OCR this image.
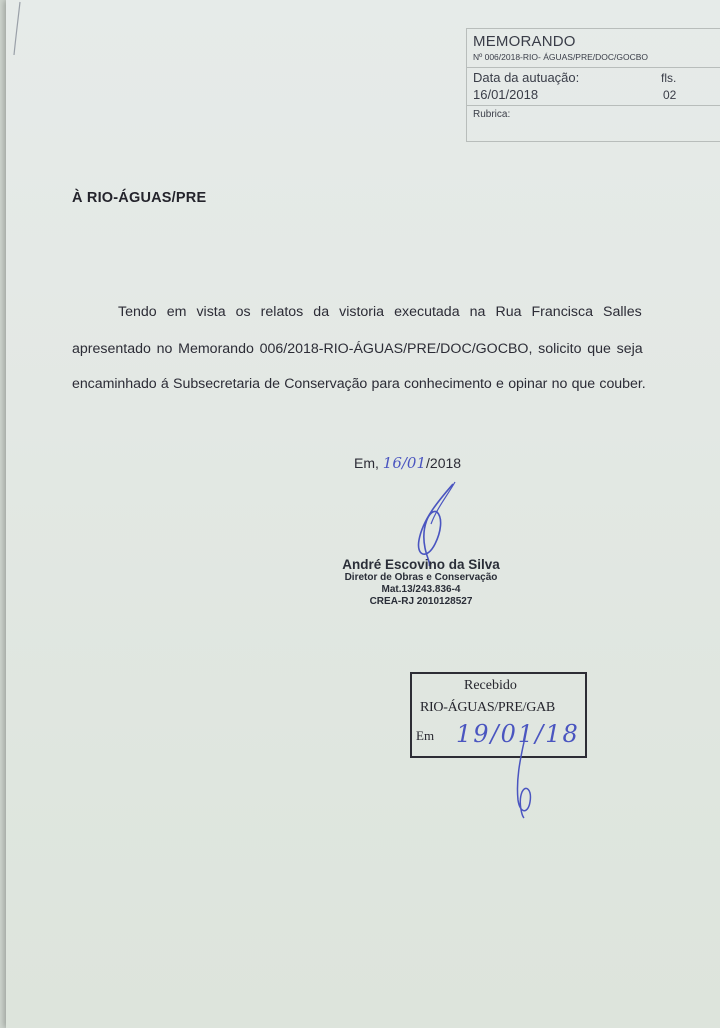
MEMORANDO
Nº 006/2018-RIO- ÁGUAS/PRE/DOC/GOCBO
Data da autuação:
16/01/2018
fls.
02
Rubrica:
À RIO-ÁGUAS/PRE
Tendo em vista os relatos da vistoria executada na Rua Francisca Salles
apresentado no Memorando 006/2018-RIO-ÁGUAS/PRE/DOC/GOCBO, solicito que seja
encaminhado á Subsecretaria de Conservação para conhecimento e opinar no que couber.
Em, 16/01/2018
André Escovino da Silva
Diretor de Obras e Conservação
Mat.13/243.836-4
CREA-RJ 2010128527
Recebido
RIO-ÁGUAS/PRE/GAB
Em 19/01/18
